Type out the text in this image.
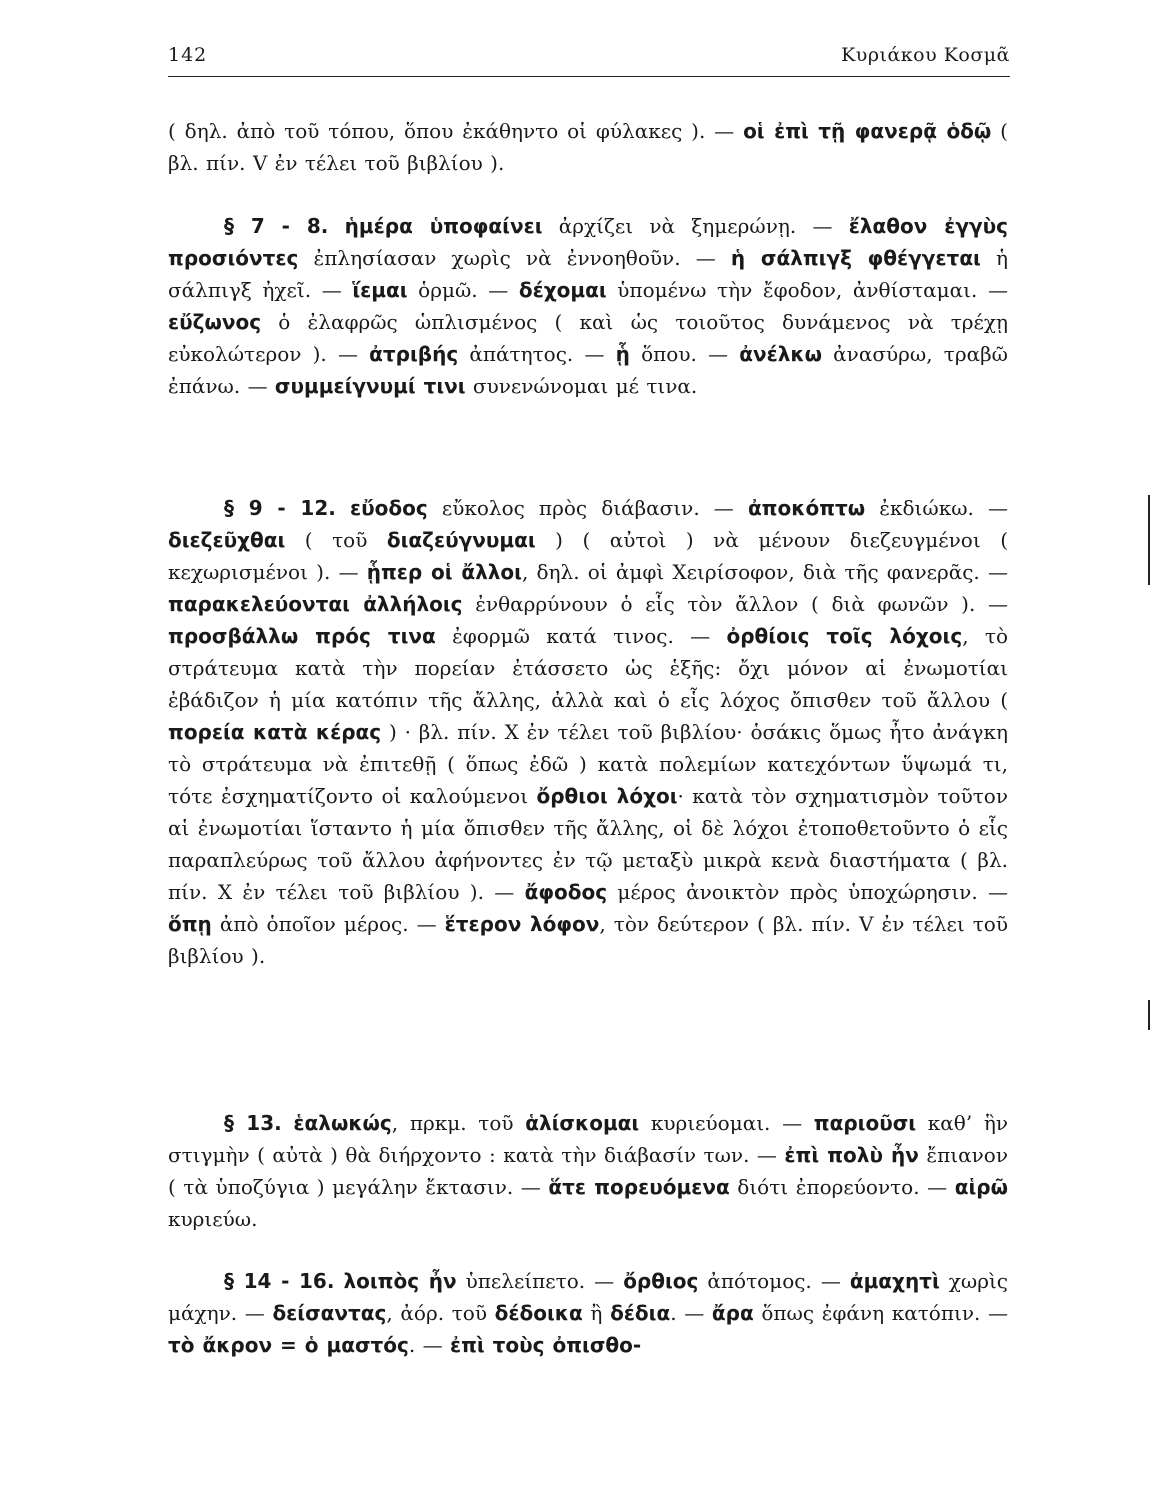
142	Κυριάκου Κοσμᾶ

( δηλ. ἀπὸ τοῦ τόπου, ὅπου ἐκάθηντο οἱ φύλακες ). — οἱ ἐπὶ τῇ φανερᾷ ὁδῷ ( βλ. πίν. V ἐν τέλει τοῦ βιβλίου ).

§ 7 - 8. ἡμέρα ὑποφαίνει ἀρχίζει νὰ ξημερώνῃ. — ἔλαθον ἐγγὺς προσιόντες ἐπλησίασαν χωρὶς νὰ ἐννοηθοῦν. — ἡ σάλπιγξ φθέγγεται ἡ σάλπιγξ ἠχεῖ. — ἵεμαι ὁρμῶ. — δέχομαι ὑπομένω τὴν ἔφοδον, ἀνθίσταμαι. — εὔζωνος ὁ ἐλαφρῶς ὡπλισμένος ( καὶ ὡς τοιοῦτος δυνάμενος νὰ τρέχῃ εὐκολώτερον ). — ἀτριβής ἀπάτητος. — ᾗ ὅπου. — ἀνέλκω ἀνασύρω, τραβῶ ἐπάνω. — συμμείγνυμί τινι συνενώνομαι μέ τινα.

§ 9 - 12. εὔοδος εὔκολος πρὸς διάβασιν. — ἀποκόπτω ἐκδιώκω. — διεζεῦχθαι ( τοῦ διαζεύγνυμαι ) ( αὐτοὶ ) νὰ μένουν διεζευγμένοι ( κεχωρισμένοι ). — ᾗπερ οἱ ἄλλοι, δηλ. οἱ ἀμφὶ Χειρίσοφον, διὰ τῆς φανερᾶς. — παρακελεύονται ἀλλήλοις ἐνθαρρύνουν ὁ εἷς τὸν ἄλλον ( διὰ φωνῶν ). — προσβάλλω πρός τινα ἐφορμῶ κατά τινος. — ὀρθίοις τοῖς λόχοις, τὸ στράτευμα κατὰ τὴν πορείαν ἐτάσσετο ὡς ἑξῆς: ὄχι μόνον αἱ ἐνωμοτίαι ἐβάδιζον ἡ μία κατόπιν τῆς ἄλλης, ἀλλὰ καὶ ὁ εἷς λόχος ὄπισθεν τοῦ ἄλλου ( πορεία κατὰ κέρας ) · βλ. πίν. X ἐν τέλει τοῦ βιβλίου· ὁσάκις ὅμως ἦτο ἀνάγκη τὸ στράτευμα νὰ ἐπιτεθῇ ( ὅπως ἐδῶ ) κατὰ πολεμίων κατεχόντων ὕψωμά τι, τότε ἐσχηματίζοντο οἱ καλούμενοι ὄρθιοι λόχοι· κατὰ τὸν σχηματισμὸν τοῦτον αἱ ἐνωμοτίαι ἵσταντο ἡ μία ὄπισθεν τῆς ἄλλης, οἱ δὲ λόχοι ἐτοποθετοῦντο ὁ εἷς παραπλεύρως τοῦ ἄλλου ἀφήνοντες ἐν τῷ μεταξὺ μικρὰ κενὰ διαστήματα ( βλ. πίν. X ἐν τέλει τοῦ βιβλίου ). — ἄφοδος μέρος ἀνοικτὸν πρὸς ὑποχώρησιν. — ὅπῃ ἀπὸ ὁποῖον μέρος. — ἕτερον λόφον, τὸν δεύτερον ( βλ. πίν. V ἐν τέλει τοῦ βιβλίου ).

§ 13. ἑαλωκώς, πρκμ. τοῦ ἁλίσκομαι κυριεύομαι. — παριοῦσι καθ’ ἣν στιγμὴν ( αὐτὰ ) θὰ διήρχοντο : κατὰ τὴν διάβασίν των. — ἐπὶ πολὺ ἦν ἔπιανον ( τὰ ὑποζύγια ) μεγάλην ἔκτασιν. — ἅτε πορευόμενα διότι ἐπορεύοντο. — αἱρῶ κυριεύω.

§ 14 - 16. λοιπὸς ἦν ὑπελείπετο. — ὄρθιος ἀπότομος. — ἀμαχητὶ χωρὶς μάχην. — δείσαντας, ἀόρ. τοῦ δέδοικα ἢ δέδια. — ἄρα ὅπως ἐφάνη κατόπιν. — τὸ ἄκρον = ὁ μαστός. — ἐπὶ τοὺς ὀπισθο-
